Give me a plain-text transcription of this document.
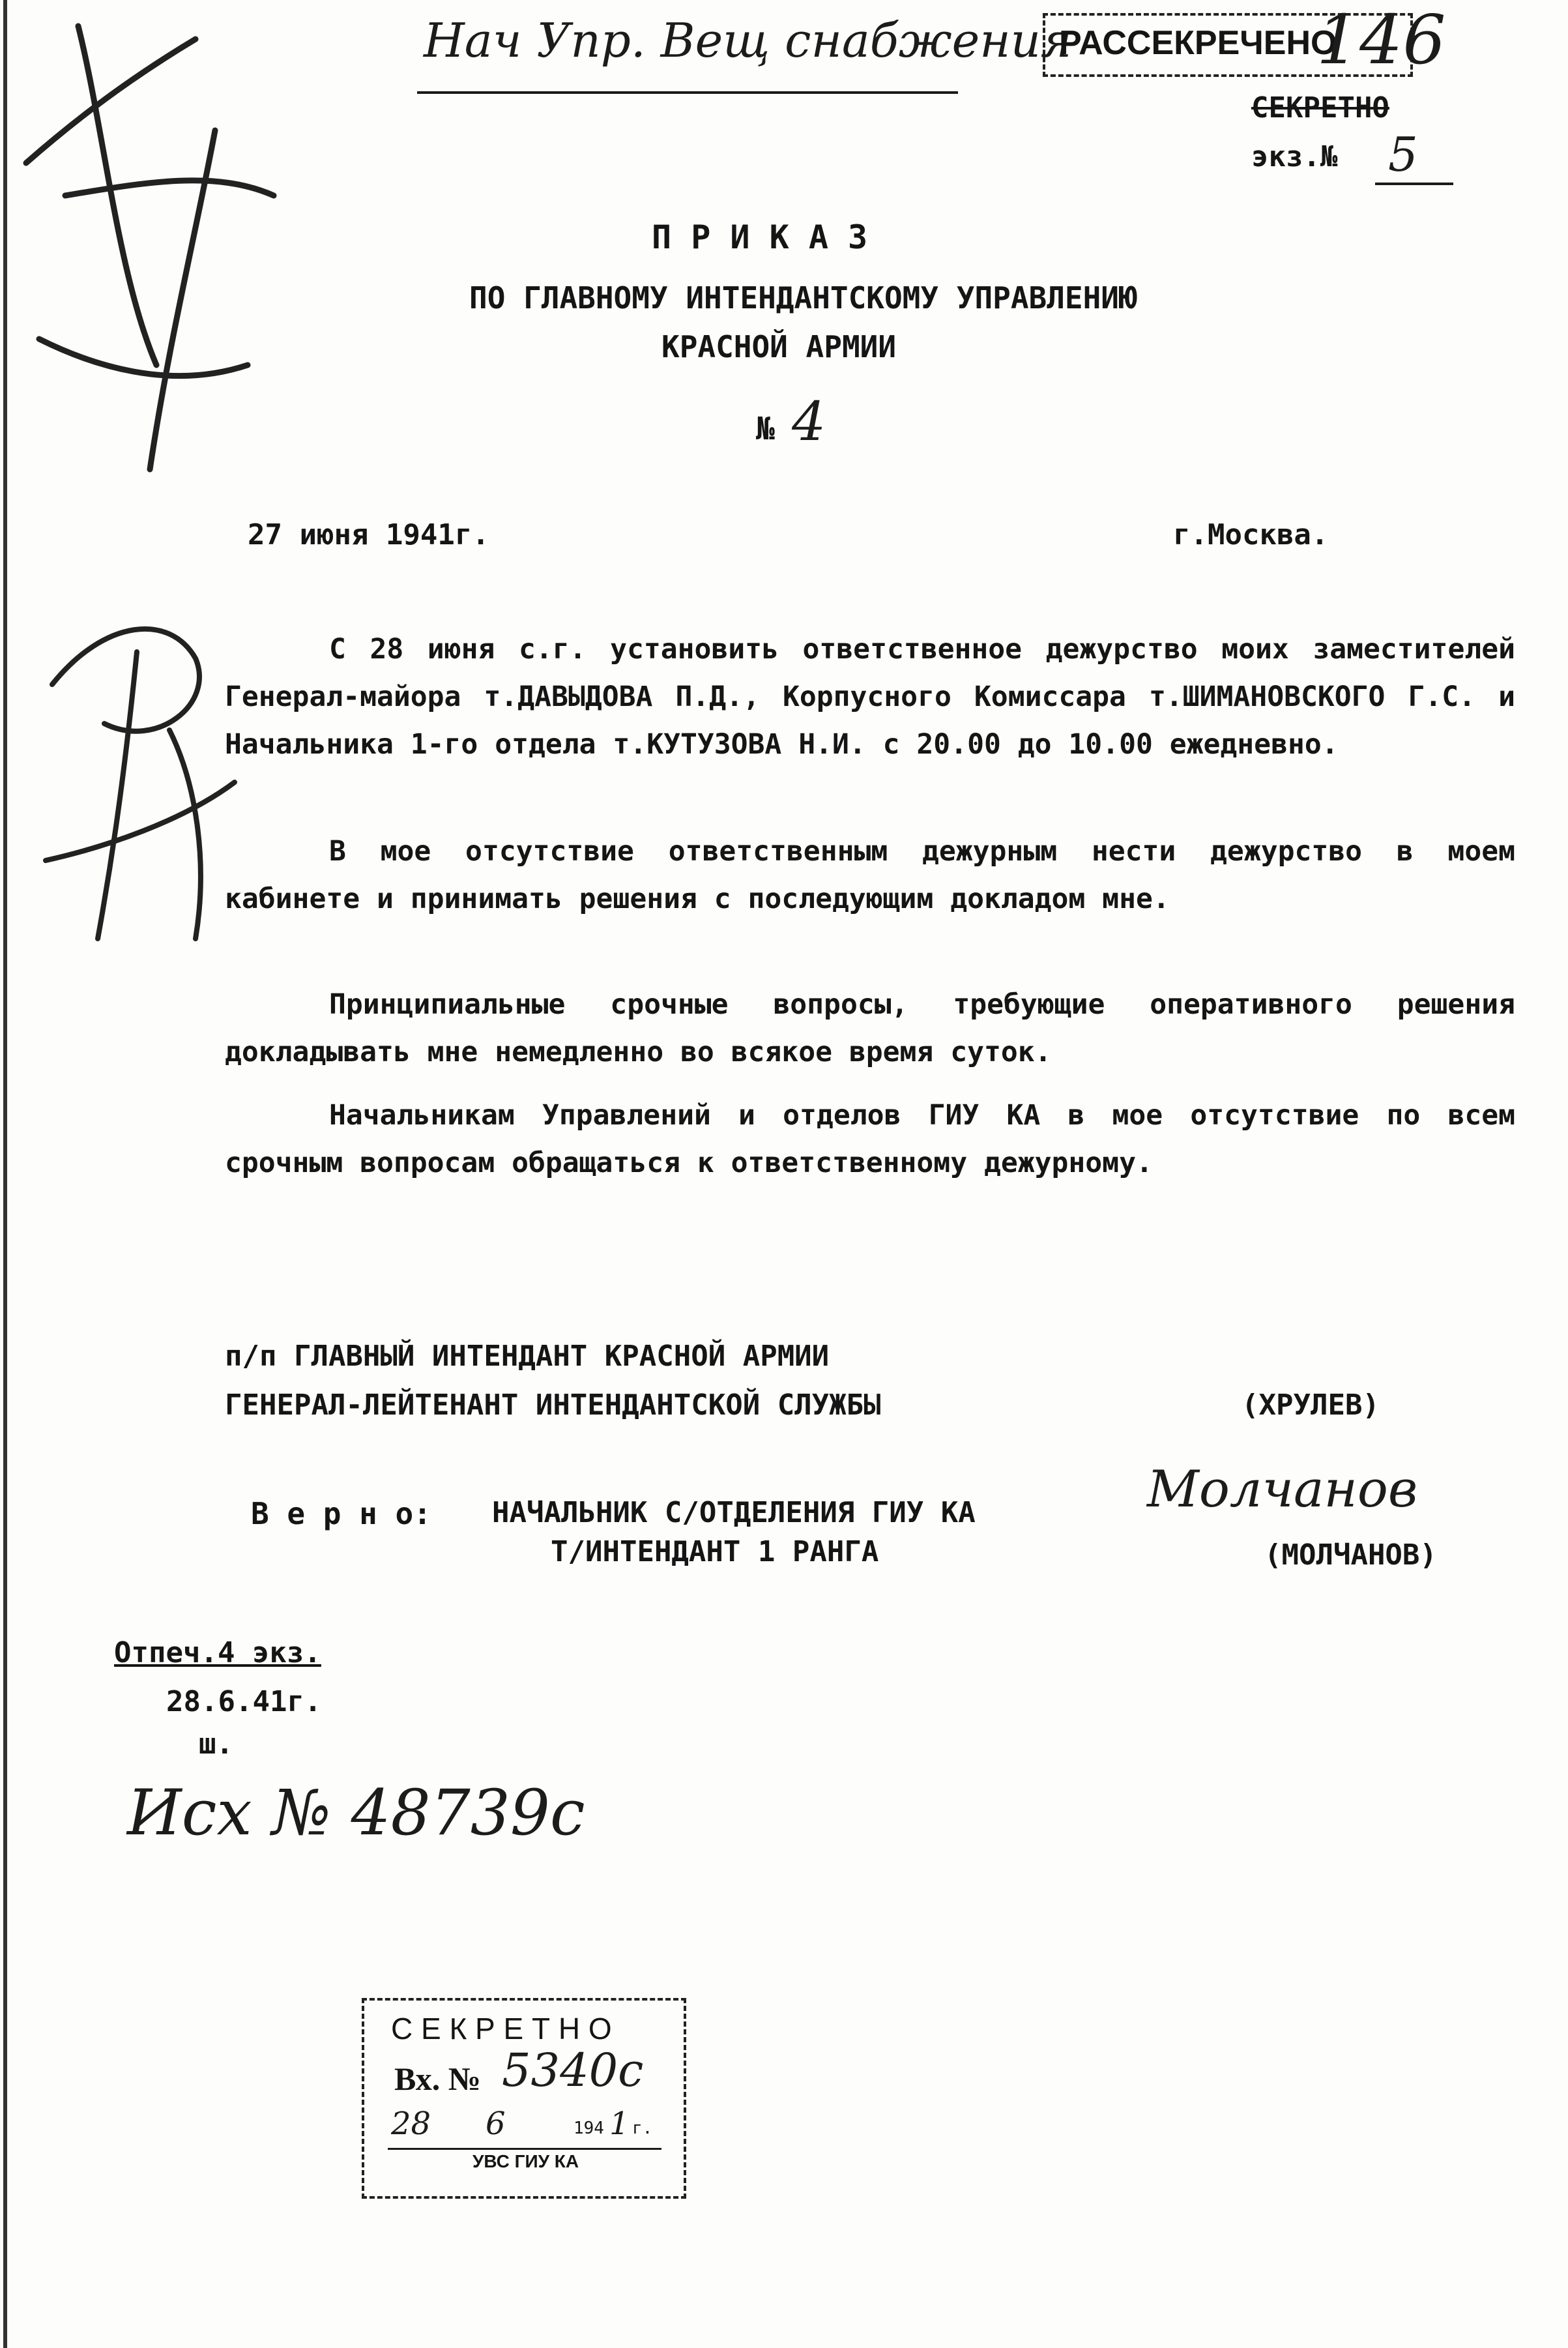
Нач Упр. Вещ снабжения

РАССЕКРЕЧЕНО

146

СЕКРЕТНО

экз.№ 5

П Р И К А З

ПО ГЛАВНОМУ ИНТЕНДАНТСКОМУ УПРАВЛЕНИЮ

КРАСНОЙ АРМИИ

№ 4

27 июня 1941г.	г.Москва.

С 28 июня с.г. установить ответственное дежурство моих заместителей Генерал-майора т.ДАВЫДОВА П.Д., Корпусного Комиссара т.ШИМАНОВСКОГО Г.С. и Начальника 1-го отдела т.КУТУЗОВА Н.И. с 20.00 до 10.00 ежедневно.

В мое отсутствие ответственным дежурным нести дежурство в моем кабинете и принимать решения с последующим докладом мне.

Принципиальные срочные вопросы, требующие оперативного решения докладывать мне немедленно во всякое время суток.

Начальникам Управлений и отделов ГИУ КА в мое отсутствие по всем срочным вопросам обращаться к ответственному дежурному.

п/п ГЛАВНЫЙ ИНТЕНДАНТ КРАСНОЙ АРМИИ

ГЕНЕРАЛ-ЛЕЙТЕНАНТ ИНТЕНДАНТСКОЙ СЛУЖБЫ	(ХРУЛЕВ)

В е р н о: НАЧАЛЬНИК С/ОТДЕЛЕНИЯ ГИУ КА

Т/ИНТЕНДАНТ 1 РАНГА

Молчанов

(МОЛЧАНОВ)

Отпеч.4 экз.

28.6.41г.

ш.

Исх № 48739с

С Е К Р Е Т Н О

Вх. № 5340с

28 6	194 1 г.

УВС ГИУ КА
